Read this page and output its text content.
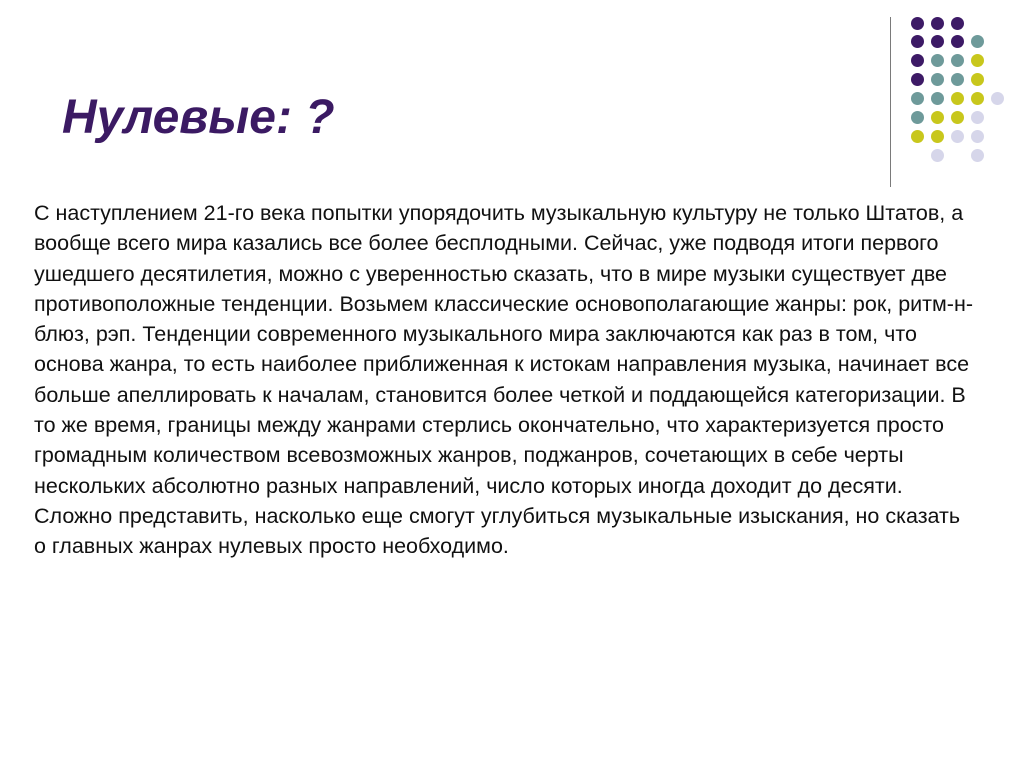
Нулевые: ?

С наступлением 21-го века попытки упорядочить музыкальную культуру не только Штатов, а вообще всего мира казались все более бесплодными. Сейчас, уже подводя итоги первого ушедшего десятилетия, можно с уверенностью сказать, что в мире музыки существует две противоположные тенденции. Возьмем классические основополагающие жанры: рок, ритм-н-блюз, рэп. Тенденции современного музыкального мира заключаются как раз в том, что основа жанра, то есть наиболее приближенная к истокам направления музыка, начинает все больше апеллировать к началам, становится более четкой и поддающейся категоризации. В то же время, границы между жанрами стерлись окончательно, что характеризуется просто громадным количеством всевозможных жанров, поджанров, сочетающих в себе черты нескольких абсолютно разных направлений, число которых иногда доходит до десяти. Сложно представить, насколько еще смогут углубиться музыкальные изыскания, но сказать о главных жанрах нулевых просто необходимо.
